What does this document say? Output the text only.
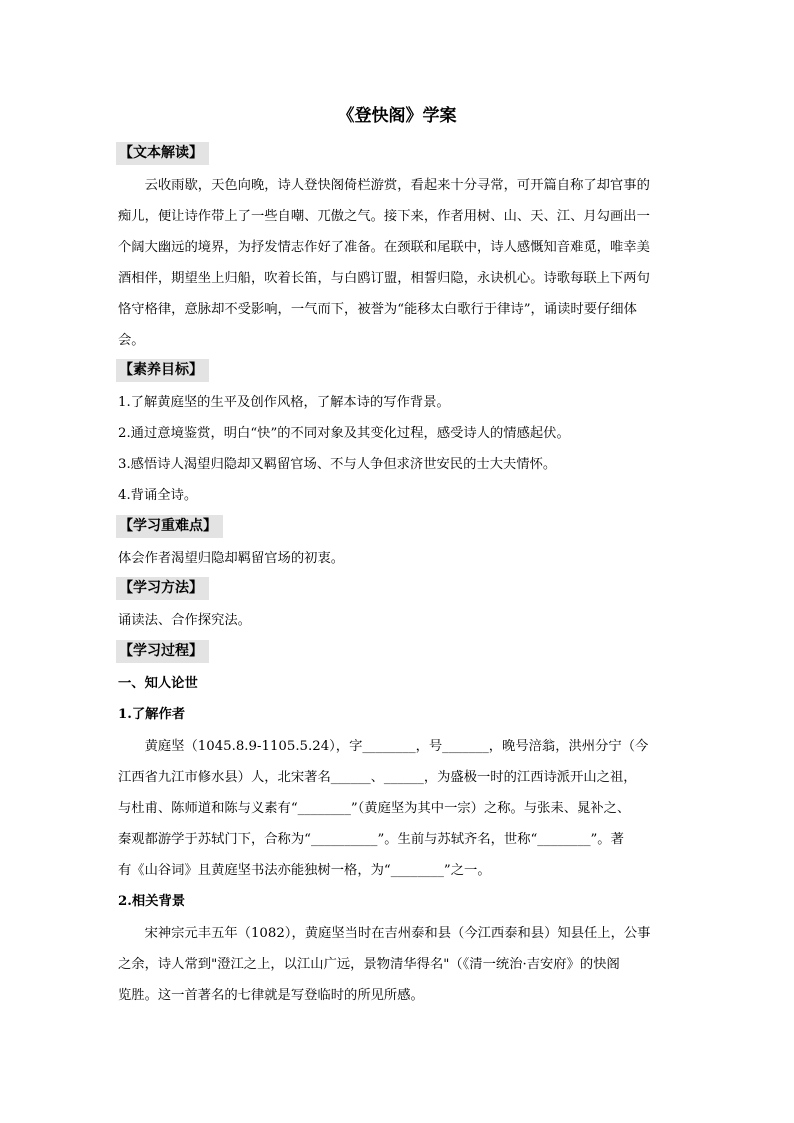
《登快阁》学案
【文本解读】
　　云收雨歇，天色向晚，诗人登快阁倚栏游赏，看起来十分寻常，可开篇自称了却官事的
痴儿，便让诗作带上了一些自嘲、兀傲之气。接下来，作者用树、山、天、江、月勾画出一
个阔大幽远的境界，为抒发情志作好了准备。在颈联和尾联中，诗人感慨知音难觅，唯幸美
酒相伴，期望坐上归船，吹着长笛，与白鸥订盟，相誓归隐，永诀机心。诗歌每联上下两句
恪守格律，意脉却不受影响，一气而下，被誉为“能移太白歌行于律诗”，诵读时要仔细体
会。
【素养目标】
1.了解黄庭坚的生平及创作风格，了解本诗的写作背景。
2.通过意境鉴赏，明白“快”的不同对象及其变化过程，感受诗人的情感起伏。
3.感悟诗人渴望归隐却又羁留官场、不与人争但求济世安民的士大夫情怀。
4.背诵全诗。
【学习重难点】
体会作者渴望归隐却羁留官场的初衷。
【学习方法】
诵读法、合作探究法。
【学习过程】
一、知人论世
1.了解作者
　　黄庭坚（1045.8.9-1105.5.24），字________，号_______，晚号涪翁，洪州分宁（今
江西省九江市修水县）人，北宋著名______、______，为盛极一时的江西诗派开山之祖，
与杜甫、陈师道和陈与义素有“________”（黄庭坚为其中一宗）之称。与张耒、晁补之、
秦观都游学于苏轼门下，合称为“__________”。生前与苏轼齐名，世称“________”。著
有《山谷词》且黄庭坚书法亦能独树一格，为“________”之一。
2.相关背景
　　宋神宗元丰五年（1082），黄庭坚当时在吉州泰和县（今江西泰和县）知县任上，公事
之余，诗人常到"澄江之上，以江山广远，景物清华得名"（《清一统治·吉安府》的快阁
览胜。这一首著名的七律就是写登临时的所见所感。
